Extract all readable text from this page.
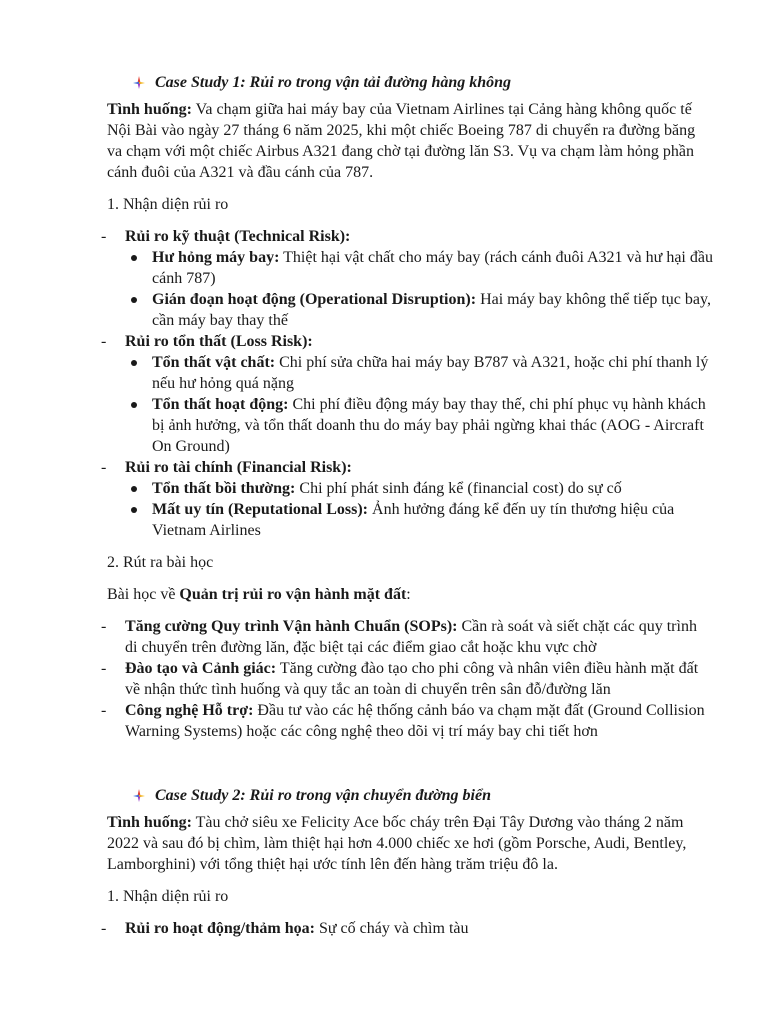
Case Study 1: Rủi ro trong vận tải đường hàng không

Tình huống: Va chạm giữa hai máy bay của Vietnam Airlines tại Cảng hàng không quốc tế Nội Bài vào ngày 27 tháng 6 năm 2025, khi một chiếc Boeing 787 di chuyển ra đường băng va chạm với một chiếc Airbus A321 đang chờ tại đường lăn S3. Vụ va chạm làm hỏng phần cánh đuôi của A321 và đầu cánh của 787.

1. Nhận diện rủi ro

- Rủi ro kỹ thuật (Technical Risk):
Hư hỏng máy bay: Thiệt hại vật chất cho máy bay (rách cánh đuôi A321 và hư hại đầu cánh 787)
Gián đoạn hoạt động (Operational Disruption): Hai máy bay không thể tiếp tục bay, cần máy bay thay thế
- Rủi ro tổn thất (Loss Risk):
Tổn thất vật chất: Chi phí sửa chữa hai máy bay B787 và A321, hoặc chi phí thanh lý nếu hư hỏng quá nặng
Tổn thất hoạt động: Chi phí điều động máy bay thay thế, chi phí phục vụ hành khách bị ảnh hưởng, và tổn thất doanh thu do máy bay phải ngừng khai thác (AOG - Aircraft On Ground)
- Rủi ro tài chính (Financial Risk):
Tổn thất bồi thường: Chi phí phát sinh đáng kể (financial cost) do sự cố
Mất uy tín (Reputational Loss): Ảnh hưởng đáng kể đến uy tín thương hiệu của Vietnam Airlines

2. Rút ra bài học

Bài học về Quản trị rủi ro vận hành mặt đất:

- Tăng cường Quy trình Vận hành Chuẩn (SOPs): Cần rà soát và siết chặt các quy trình di chuyển trên đường lăn, đặc biệt tại các điểm giao cắt hoặc khu vực chờ
- Đào tạo và Cảnh giác: Tăng cường đào tạo cho phi công và nhân viên điều hành mặt đất về nhận thức tình huống và quy tắc an toàn di chuyển trên sân đỗ/đường lăn
- Công nghệ Hỗ trợ: Đầu tư vào các hệ thống cảnh báo va chạm mặt đất (Ground Collision Warning Systems) hoặc các công nghệ theo dõi vị trí máy bay chi tiết hơn
Case Study 2: Rủi ro trong vận chuyển đường biển

Tình huống: Tàu chở siêu xe Felicity Ace bốc cháy trên Đại Tây Dương vào tháng 2 năm 2022 và sau đó bị chìm, làm thiệt hại hơn 4.000 chiếc xe hơi (gồm Porsche, Audi, Bentley, Lamborghini) với tổng thiệt hại ước tính lên đến hàng trăm triệu đô la.

1. Nhận diện rủi ro

- Rủi ro hoạt động/thảm họa: Sự cố cháy và chìm tàu
